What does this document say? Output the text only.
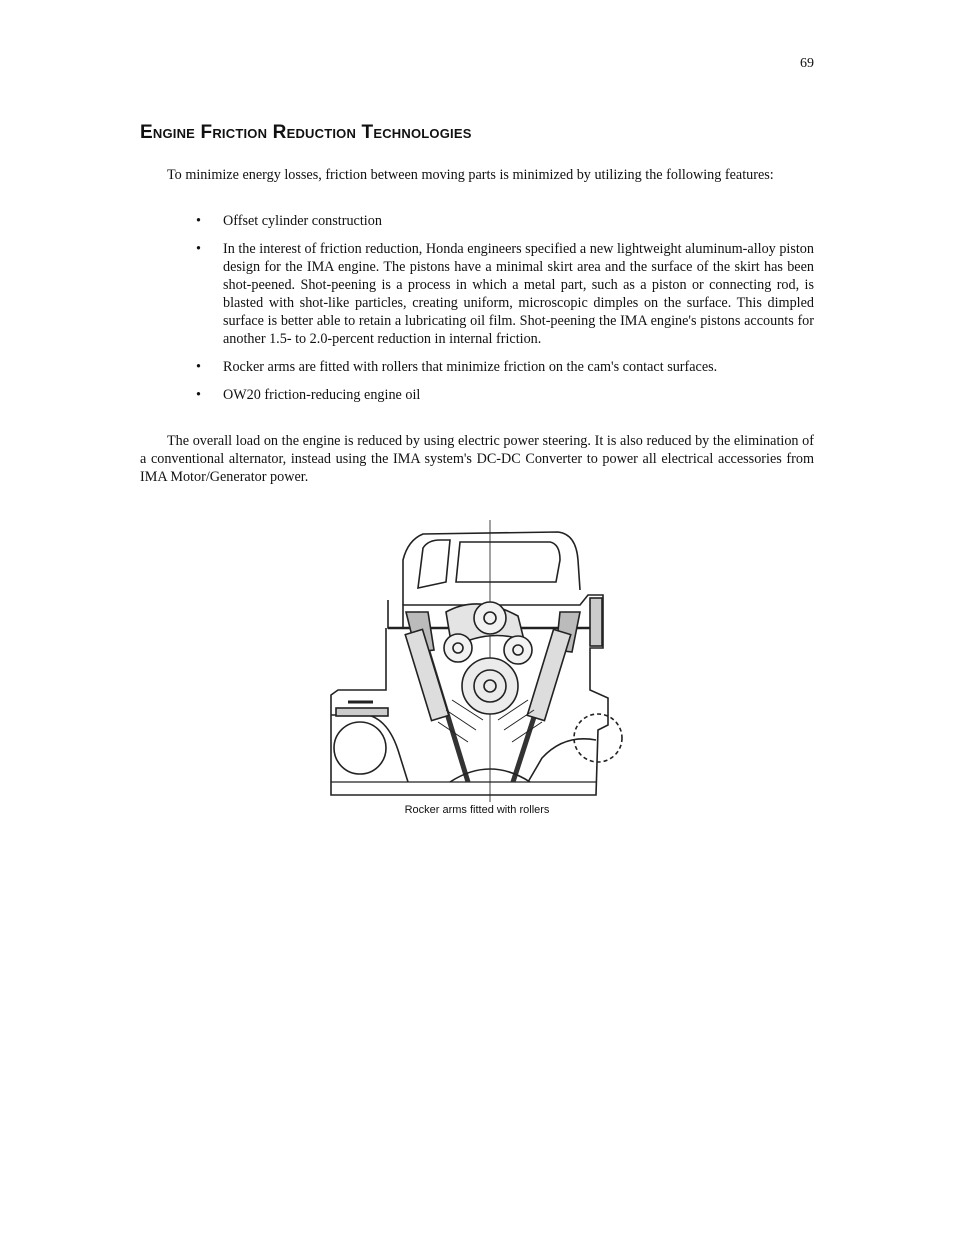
69
Engine Friction Reduction Technologies

To minimize energy losses, friction between moving parts is minimized by utilizing the following features:

• Offset cylinder construction
• In the interest of friction reduction, Honda engineers specified a new lightweight aluminum-alloy piston design for the IMA engine. The pistons have a minimal skirt area and the surface of the skirt has been shot-peened. Shot-peening is a process in which a metal part, such as a piston or connecting rod, is blasted with shot-like particles, creating uniform, microscopic dimples on the surface. This dimpled surface is better able to retain a lubricating oil film. Shot-peening the IMA engine's pistons accounts for another 1.5- to 2.0-percent reduction in internal friction.
• Rocker arms are fitted with rollers that minimize friction on the cam's contact surfaces.
• OW20 friction-reducing engine oil

The overall load on the engine is reduced by using electric power steering. It is also reduced by the elimination of a conventional alternator, instead using the IMA system's DC-DC Converter to power all electrical accessories from IMA Motor/Generator power.

Rocker arms fitted with rollers
